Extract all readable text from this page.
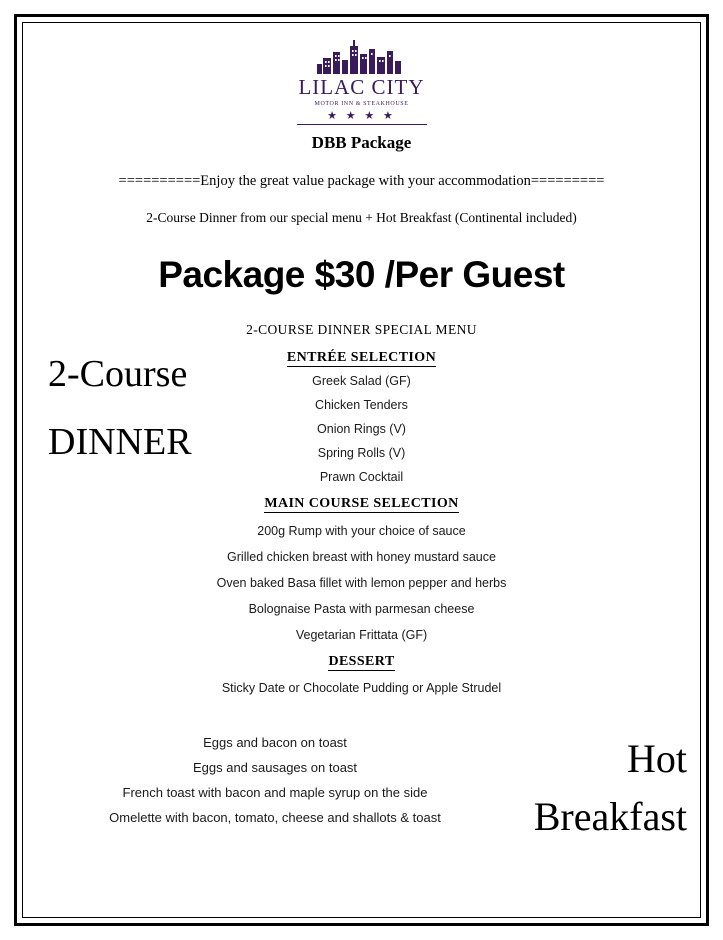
LILAC CITY
MOTOR INN & STEAKHOUSE
★ ★ ★ ★
DBB Package
==========Enjoy the great value package with your accommodation=========
2-Course Dinner from our special menu + Hot Breakfast (Continental included)
Package $30 /Per Guest
2-COURSE DINNER SPECIAL MENU
ENTRÉE SELECTION
Greek Salad (GF)
Chicken Tenders
Onion Rings (V)
Spring Rolls (V)
Prawn Cocktail
MAIN COURSE SELECTION
200g Rump with your choice of sauce
Grilled chicken breast with honey mustard sauce
Oven baked Basa fillet with lemon pepper and herbs
Bolognaise Pasta with parmesan cheese
Vegetarian Frittata (GF)
DESSERT
Sticky Date or Chocolate Pudding or Apple Strudel
2-Course
DINNER
Eggs and bacon on toast
Eggs and sausages on toast
French toast with bacon and maple syrup on the side
Omelette with bacon, tomato, cheese and shallots & toast
Hot
Breakfast
